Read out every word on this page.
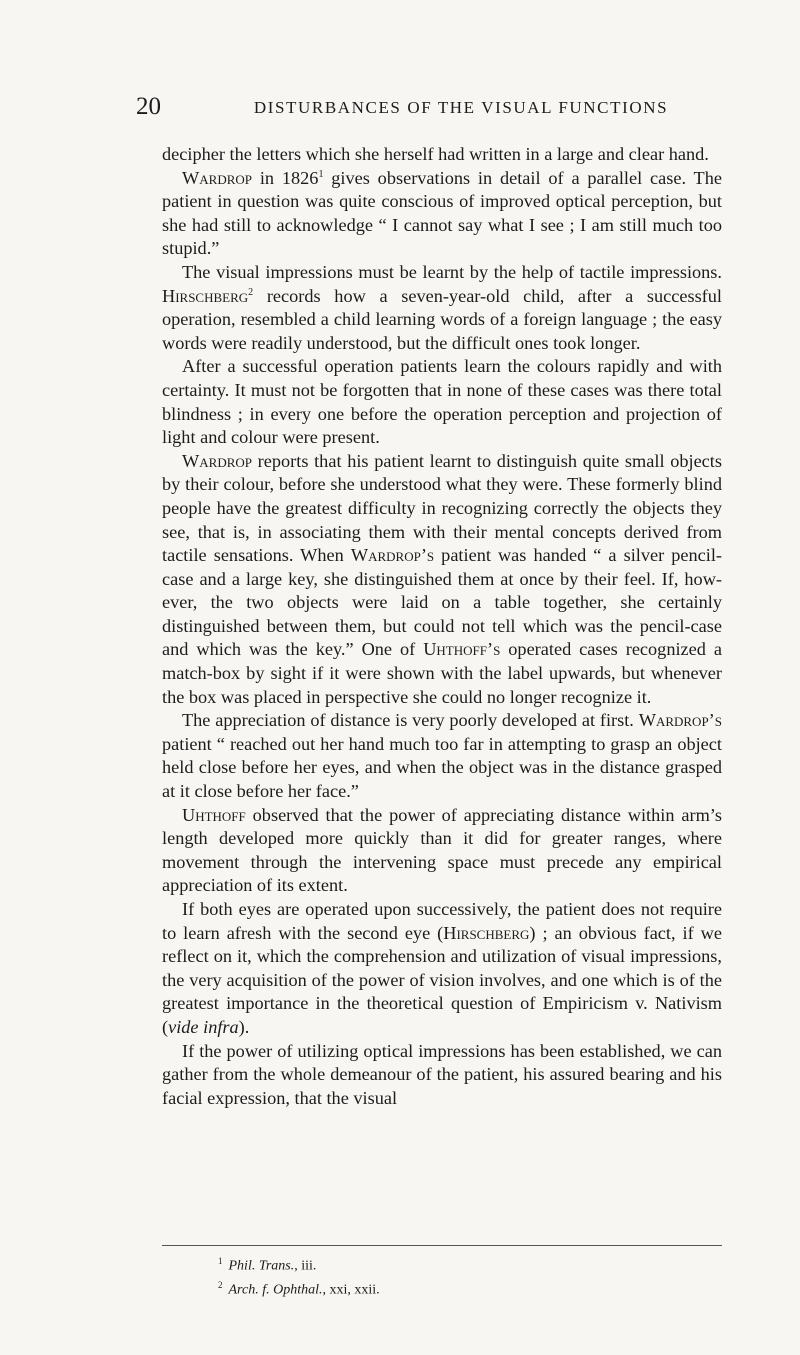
20	DISTURBANCES OF THE VISUAL FUNCTIONS

decipher the letters which she herself had written in a large and clear hand.

Wardrop in 1826$^1$ gives observations in detail of a parallel case. The patient in question was quite conscious of improved optical perception, but she had still to acknowledge “ I cannot say what I see ; I am still much too stupid.”

The visual impressions must be learnt by the help of tactile impressions. Hirschberg$^2$ records how a seven-year-old child, after a successful operation, resembled a child learning words of a foreign language ; the easy words were readily understood, but the difficult ones took longer.

After a successful operation patients learn the colours rapidly and with certainty. It must not be forgotten that in none of these cases was there total blindness ; in every one before the operation perception and projection of light and colour were present.

Wardrop reports that his patient learnt to distinguish quite small objects by their colour, before she understood what they were. These formerly blind people have the greatest difficulty in recognizing correctly the objects they see, that is, in associating them with their mental concepts derived from tactile sensations. When Wardrop’s patient was handed “ a silver pencil-case and a large key, she distinguished them at once by their feel. If, however, the two objects were laid on a table together, she certainly distinguished between them, but could not tell which was the pencil-case and which was the key.” One of Uhthoff’s operated cases recognized a match-box by sight if it were shown with the label upwards, but whenever the box was placed in perspective she could no longer recognize it.

The appreciation of distance is very poorly developed at first. Wardrop’s patient “ reached out her hand much too far in attempting to grasp an object held close before her eyes, and when the object was in the distance grasped at it close before her face.”

Uhthoff observed that the power of appreciating distance within arm’s length developed more quickly than it did for greater ranges, where movement through the intervening space must precede any empirical appreciation of its extent.

If both eyes are operated upon successively, the patient does not require to learn afresh with the second eye (Hirschberg) ; an obvious fact, if we reflect on it, which the comprehension and utilization of visual impressions, the very acquisition of the power of vision involves, and one which is of the greatest importance in the theoretical question of Empiricism v. Nativism (vide infra).

If the power of utilizing optical impressions has been established, we can gather from the whole demeanour of the patient, his assured bearing and his facial expression, that the visual

$^1$ Phil. Trans., iii.
$^2$ Arch. f. Ophthal., xxi, xxii.
